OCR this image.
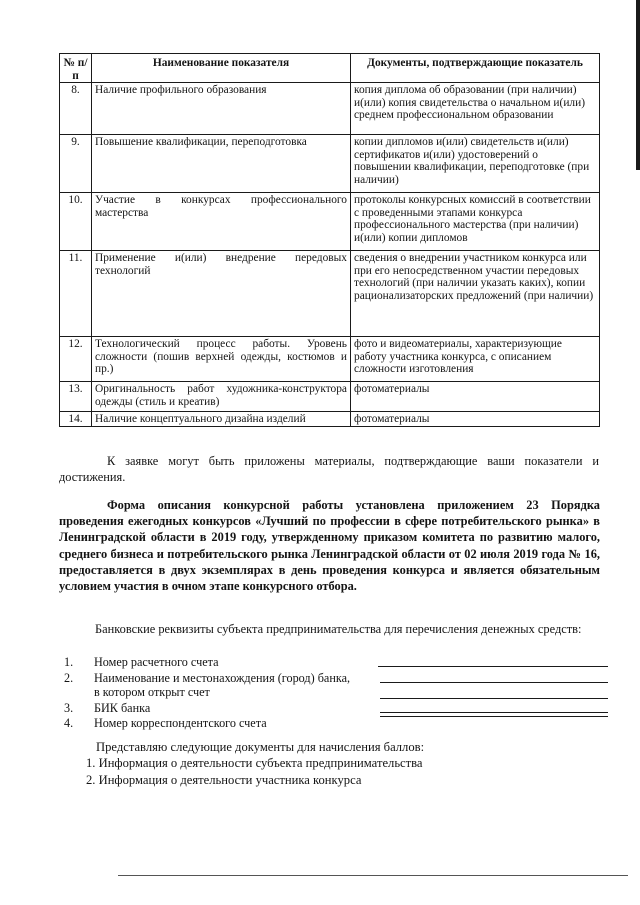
№ п/п	Наименование показателя	Документы, подтверждающие показатель
8.	Наличие профильного образования	копия диплома об образовании (при наличии) и(или) копия свидетельства о начальном и(или) среднем профессиональном образовании
9.	Повышение квалификации, переподготовка	копии дипломов и(или) свидетельств и(или) сертификатов и(или) удостоверений о повышении квалификации, переподготовке (при наличии)
10.	Участие в конкурсах профессионального мастерства	протоколы конкурсных комиссий в соответствии с проведенными этапами конкурса профессионального мастерства (при наличии) и(или) копии дипломов
11.	Применение и(или) внедрение передовых технологий	сведения о внедрении участником конкурса или при его непосредственном участии передовых технологий (при наличии указать каких), копии рационализаторских предложений (при наличии)
12.	Технологический процесс работы. Уровень сложности (пошив верхней одежды, костюмов и пр.)	фото и видеоматериалы, характеризующие работу участника конкурса, с описанием сложности изготовления
13.	Оригинальность работ художника-конструктора одежды (стиль и креатив)	фотоматериалы
14.	Наличие концептуального дизайна изделий	фотоматериалы
К заявке могут быть приложены материалы, подтверждающие ваши показатели и достижения.
Форма описания конкурсной работы установлена приложением 23 Порядка проведения ежегодных конкурсов «Лучший по профессии в сфере потребительского рынка» в Ленинградской области в 2019 году, утвержденному приказом комитета по развитию малого, среднего бизнеса и потребительского рынка Ленинградской области от 02 июля 2019 года № 16, предоставляется в двух экземплярах в день проведения конкурса и является обязательным условием участия в очном этапе конкурсного отбора.
Банковские реквизиты субъекта предпринимательства для перечисления денежных средств:
1. Номер расчетного счета
2. Наименование и местонахождения (город) банка,
в котором открыт счет
3. БИК банка
4. Номер корреспондентского счета
Представляю следующие документы для начисления баллов:
1. Информация о деятельности субъекта предпринимательства
2. Информация о деятельности участника конкурса
